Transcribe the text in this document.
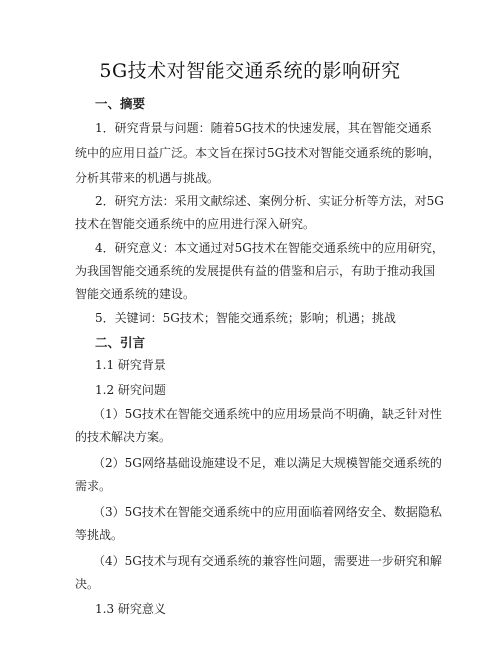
5G技术对智能交通系统的影响研究
一、摘要
1．研究背景与问题：随着5G技术的快速发展，其在智能交通系
统中的应用日益广泛。本文旨在探讨5G技术对智能交通系统的影响，
分析其带来的机遇与挑战。
2．研究方法：采用文献综述、案例分析、实证分析等方法，对5G
技术在智能交通系统中的应用进行深入研究。
4．研究意义：本文通过对5G技术在智能交通系统中的应用研究，
为我国智能交通系统的发展提供有益的借鉴和启示，有助于推动我国
智能交通系统的建设。
5．关键词：5G技术；智能交通系统；影响；机遇；挑战
二、引言
1.1 研究背景
1.2 研究问题
（1）5G技术在智能交通系统中的应用场景尚不明确，缺乏针对性
的技术解决方案。
（2）5G网络基础设施建设不足，难以满足大规模智能交通系统的
需求。
（3）5G技术在智能交通系统中的应用面临着网络安全、数据隐私
等挑战。
（4）5G技术与现有交通系统的兼容性问题，需要进一步研究和解
决。
1.3 研究意义
